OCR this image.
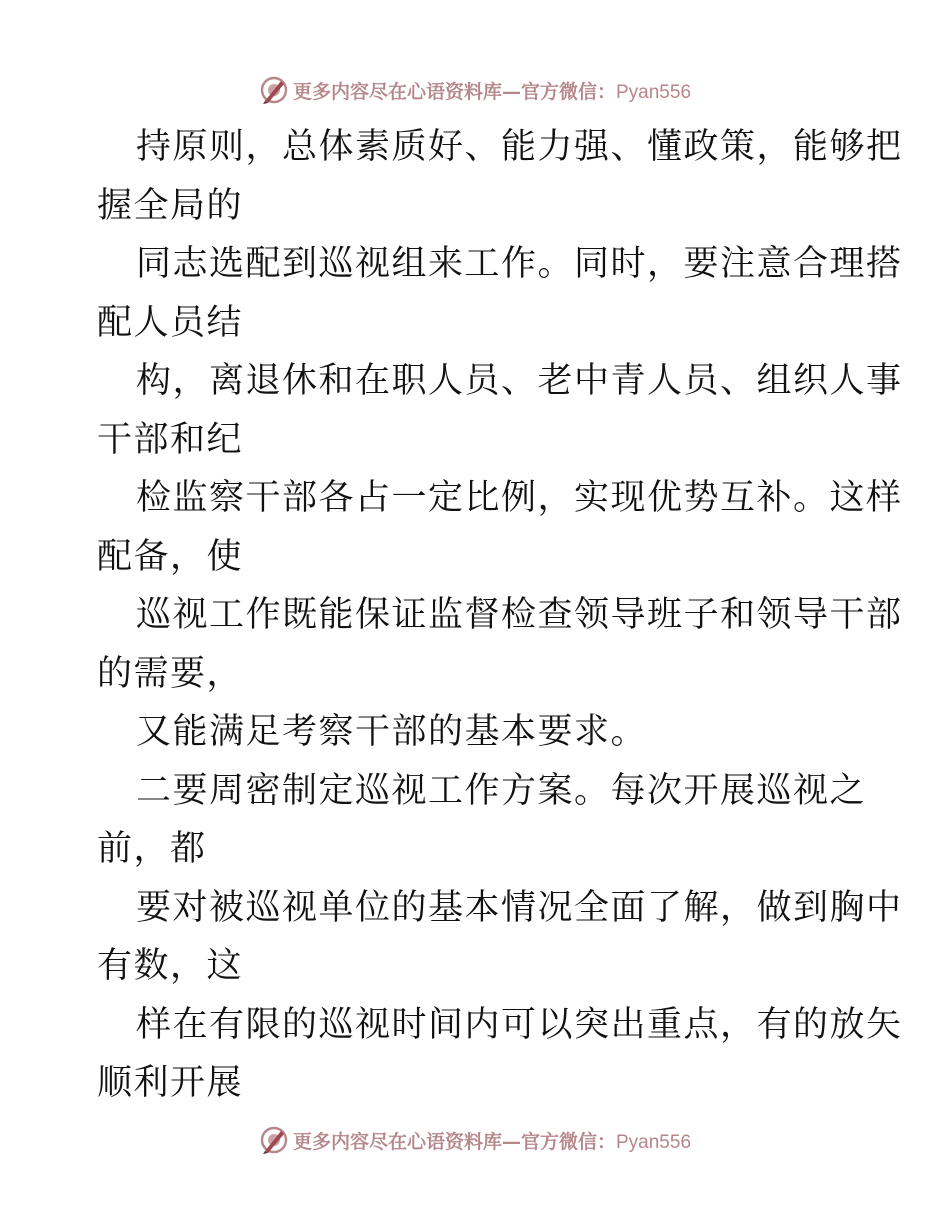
更多内容尽在心语资料库—官方微信：Pyan556
持原则，总体素质好、能力强、懂政策，能够把
握全局的
同志选配到巡视组来工作。同时，要注意合理搭
配人员结
构，离退休和在职人员、老中青人员、组织人事
干部和纪
检监察干部各占一定比例，实现优势互补。这样
配备，使
巡视工作既能保证监督检查领导班子和领导干部
的需要，
又能满足考察干部的基本要求。
二要周密制定巡视工作方案。每次开展巡视之
前，都
要对被巡视单位的基本情况全面了解，做到胸中
有数，这
样在有限的巡视时间内可以突出重点，有的放矢
顺利开展
更多内容尽在心语资料库—官方微信：Pyan556
